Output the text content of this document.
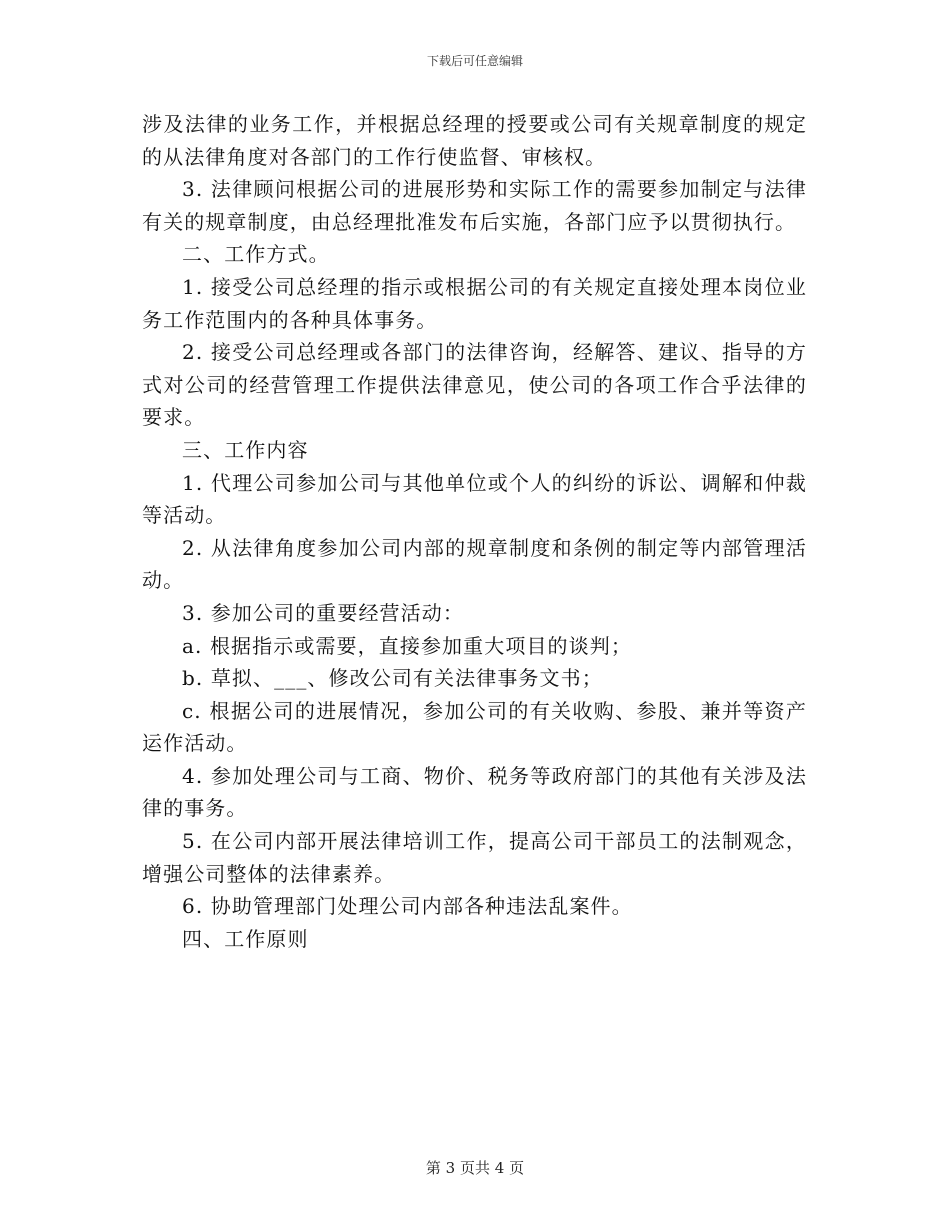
下载后可任意编辑

涉及法律的业务工作，并根据总经理的授要或公司有关规章制度的规定的从法律角度对各部门的工作行使监督、审核权。

3. 法律顾问根据公司的进展形势和实际工作的需要参加制定与法律有关的规章制度，由总经理批准发布后实施，各部门应予以贯彻执行。

二、工作方式。

1. 接受公司总经理的指示或根据公司的有关规定直接处理本岗位业务工作范围内的各种具体事务。

2. 接受公司总经理或各部门的法律咨询，经解答、建议、指导的方式对公司的经营管理工作提供法律意见，使公司的各项工作合乎法律的要求。

三、工作内容

1. 代理公司参加公司与其他单位或个人的纠纷的诉讼、调解和仲裁等活动。

2. 从法律角度参加公司内部的规章制度和条例的制定等内部管理活动。

3. 参加公司的重要经营活动：

a. 根据指示或需要，直接参加重大项目的谈判；

b. 草拟、___、修改公司有关法律事务文书；

c. 根据公司的进展情况，参加公司的有关收购、参股、兼并等资产运作活动。

4. 参加处理公司与工商、物价、税务等政府部门的其他有关涉及法律的事务。

5. 在公司内部开展法律培训工作，提高公司干部员工的法制观念，增强公司整体的法律素养。

6. 协助管理部门处理公司内部各种违法乱案件。

四、工作原则

第 3 页共 4 页
